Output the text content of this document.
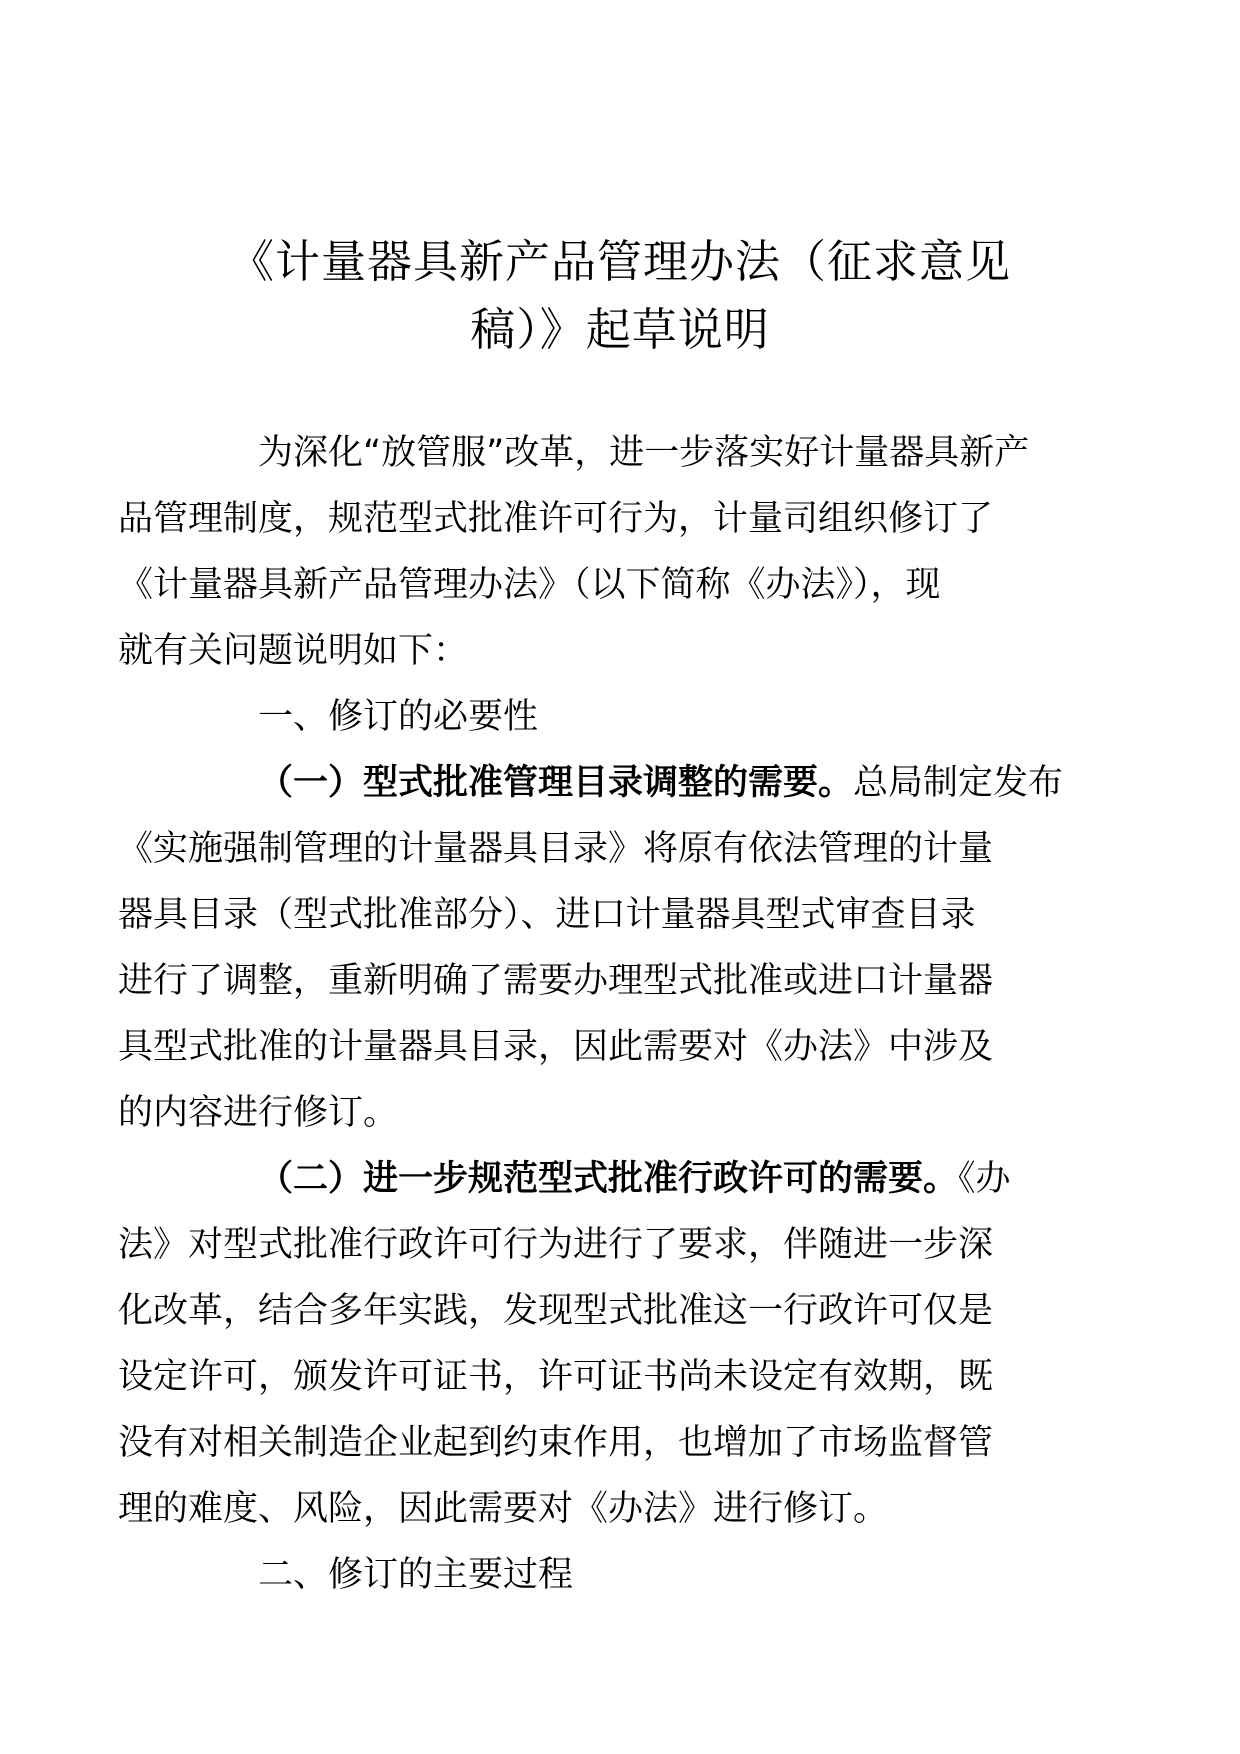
《计量器具新产品管理办法（征求意见
稿）》起草说明

为深化“放管服”改革，进一步落实好计量器具新产
品管理制度，规范型式批准许可行为，计量司组织修订了
《计量器具新产品管理办法》（以下简称《办法》），现
就有关问题说明如下：

一、修订的必要性

（一）型式批准管理目录调整的需要。总局制定发布
《实施强制管理的计量器具目录》将原有依法管理的计量
器具目录（型式批准部分）、进口计量器具型式审查目录
进行了调整，重新明确了需要办理型式批准或进口计量器
具型式批准的计量器具目录，因此需要对《办法》中涉及
的内容进行修订。

（二）进一步规范型式批准行政许可的需要。《办
法》对型式批准行政许可行为进行了要求，伴随进一步深
化改革，结合多年实践，发现型式批准这一行政许可仅是
设定许可，颁发许可证书，许可证书尚未设定有效期，既
没有对相关制造企业起到约束作用，也增加了市场监督管
理的难度、风险，因此需要对《办法》进行修订。

二、修订的主要过程
